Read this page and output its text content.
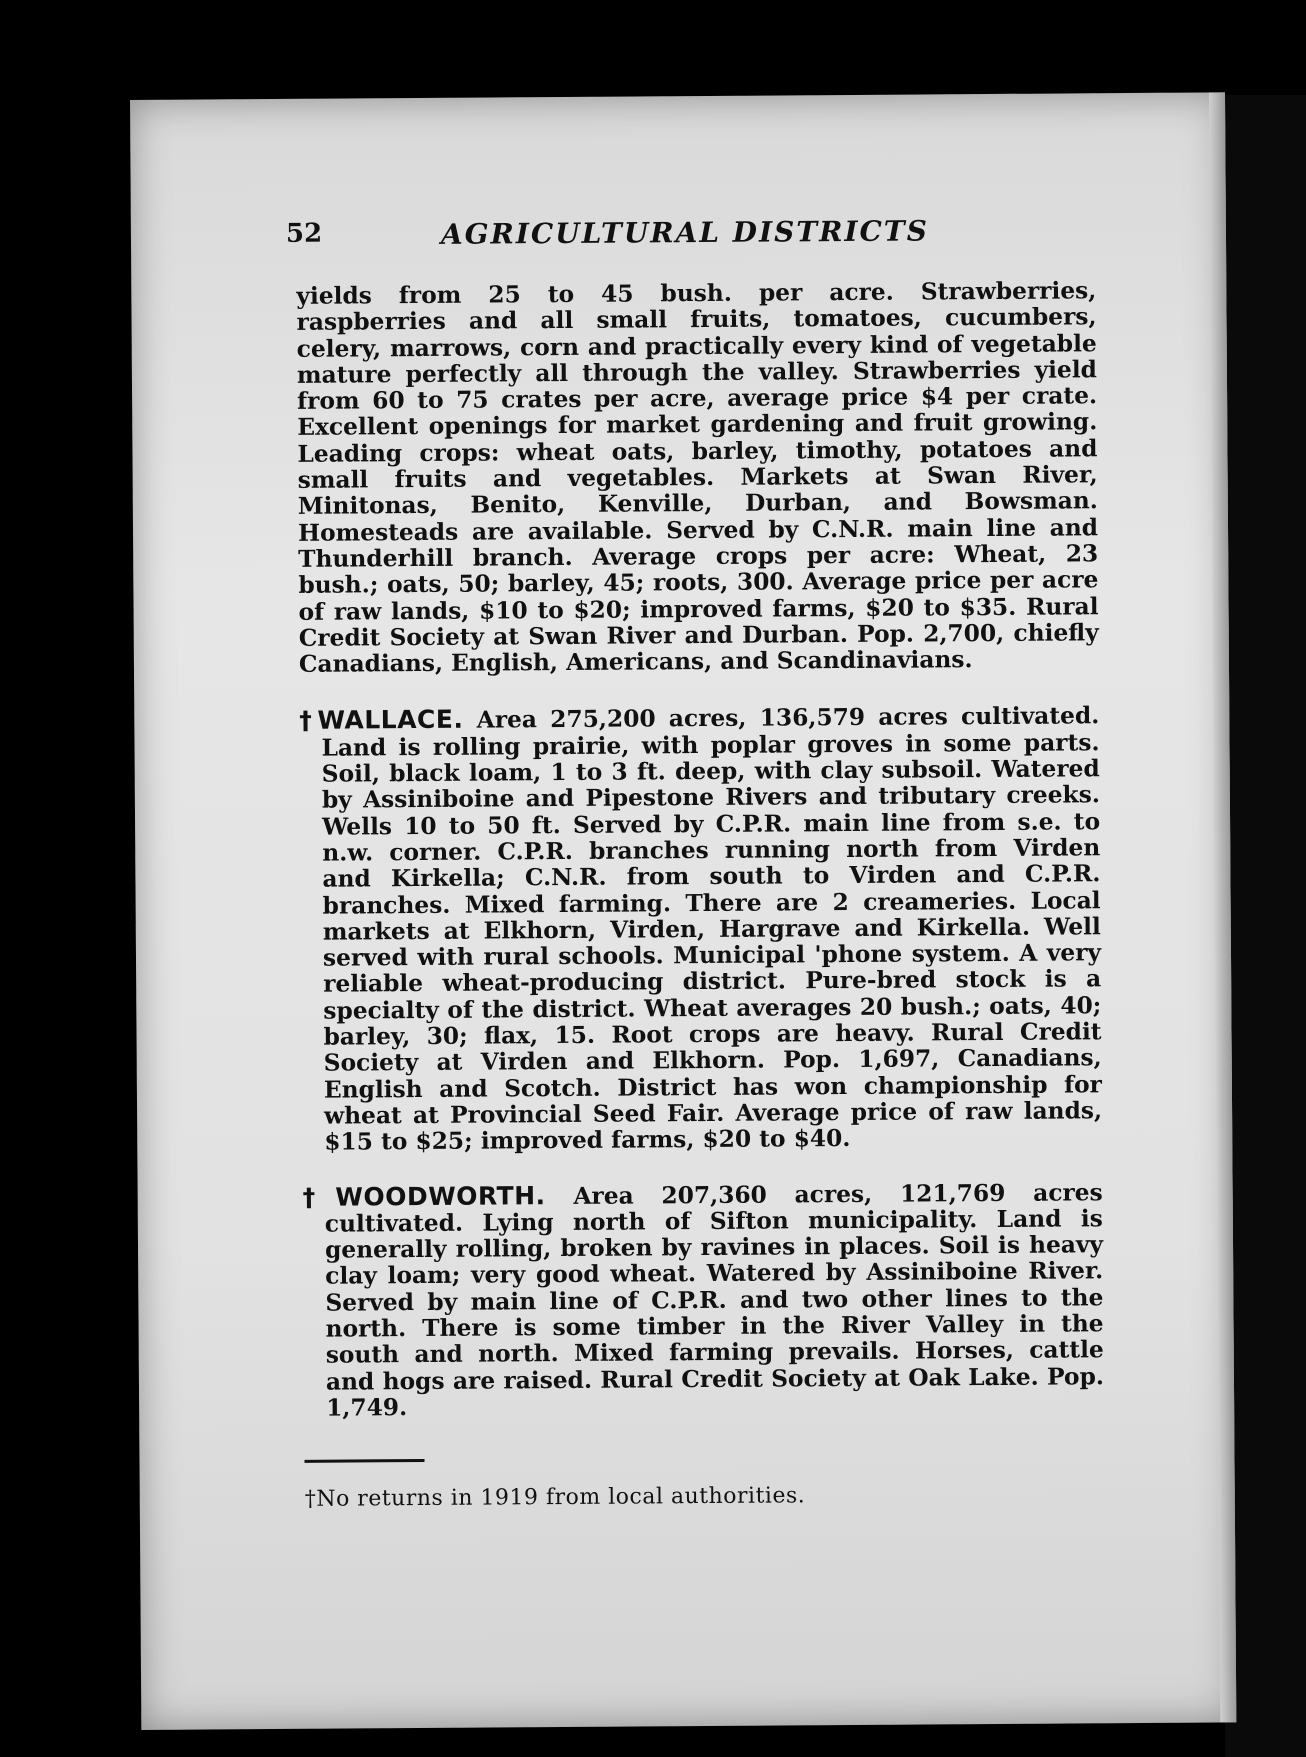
52	AGRICULTURAL DISTRICTS

yields from 25 to 45 bush. per acre. Strawberries, raspberries and all small fruits, tomatoes, cucumbers, celery, marrows, corn and practically every kind of vegetable mature perfectly all through the valley. Strawberries yield from 60 to 75 crates per acre, average price $4 per crate. Excellent openings for market gardening and fruit growing. Leading crops: wheat oats, barley, timothy, potatoes and small fruits and vegetables. Markets at Swan River, Minitonas, Benito, Kenville, Durban, and Bowsman. Homesteads are available. Served by C.N.R. main line and Thunderhill branch. Average crops per acre: Wheat, 23 bush.; oats, 50; barley, 45; roots, 300. Average price per acre of raw lands, $10 to $20; improved farms, $20 to $35. Rural Credit Society at Swan River and Durban. Pop. 2,700, chiefly Canadians, English, Americans, and Scandinavians.

†WALLACE. Area 275,200 acres, 136,579 acres cultivated. Land is rolling prairie, with poplar groves in some parts. Soil, black loam, 1 to 3 ft. deep, with clay subsoil. Watered by Assiniboine and Pipestone Rivers and tributary creeks. Wells 10 to 50 ft. Served by C.P.R. main line from s.e. to n.w. corner. C.P.R. branches running north from Virden and Kirkella; C.N.R. from south to Virden and C.P.R. branches. Mixed farming. There are 2 creameries. Local markets at Elkhorn, Virden, Hargrave and Kirkella. Well served with rural schools. Municipal 'phone system. A very reliable wheat-producing district. Pure-bred stock is a specialty of the district. Wheat averages 20 bush.; oats, 40; barley, 30; flax, 15. Root crops are heavy. Rural Credit Society at Virden and Elkhorn. Pop. 1,697, Canadians, English and Scotch. District has won championship for wheat at Provincial Seed Fair. Average price of raw lands, $15 to $25; improved farms, $20 to $40.

†WOODWORTH. Area 207,360 acres, 121,769 acres cultivated. Lying north of Sifton municipality. Land is generally rolling, broken by ravines in places. Soil is heavy clay loam; very good wheat. Watered by Assiniboine River. Served by main line of C.P.R. and two other lines to the north. There is some timber in the River Valley in the south and north. Mixed farming prevails. Horses, cattle and hogs are raised. Rural Credit Society at Oak Lake. Pop. 1,749.

†No returns in 1919 from local authorities.
